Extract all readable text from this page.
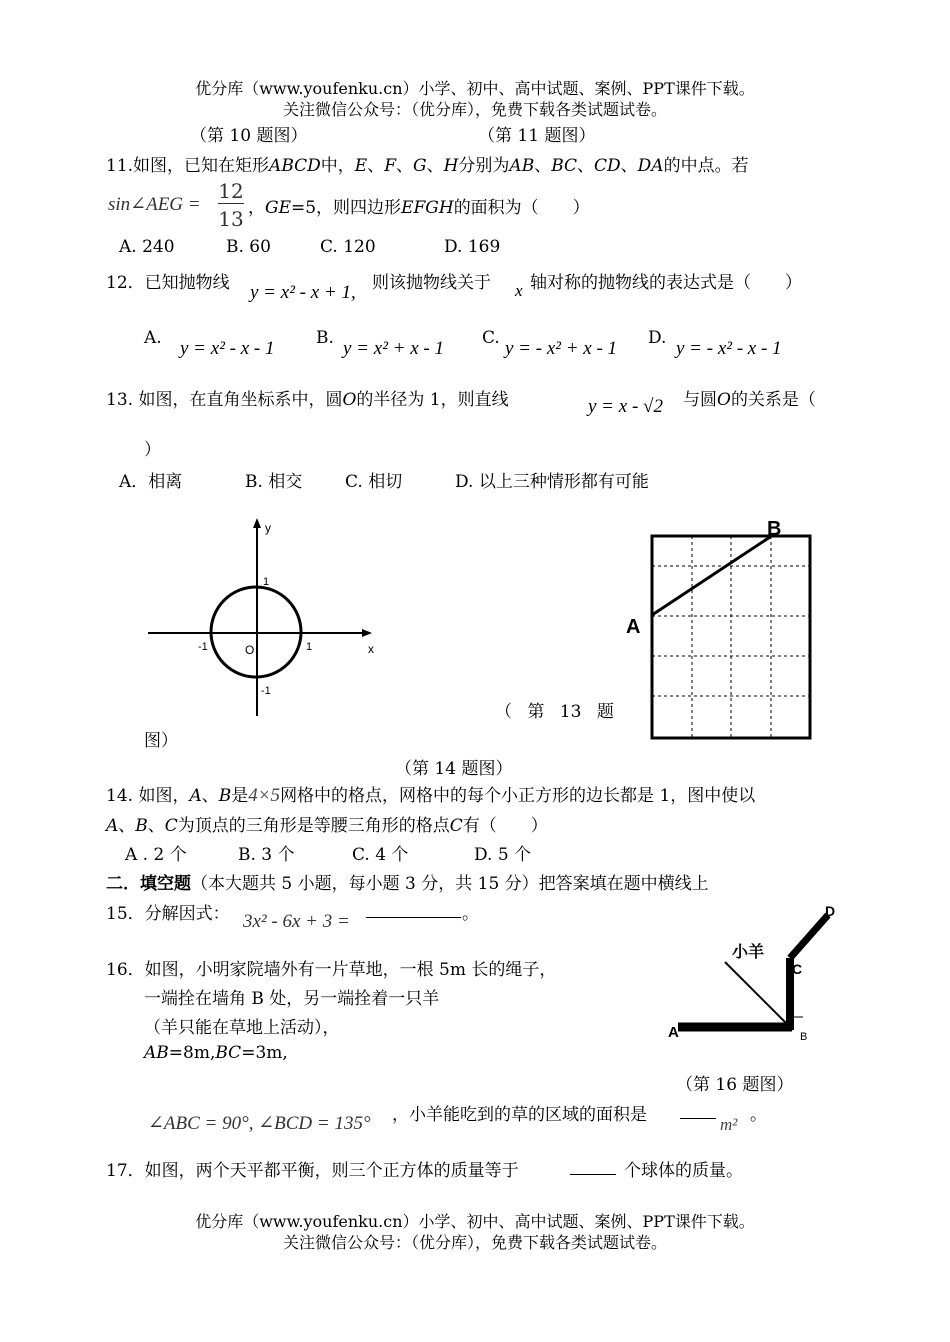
优分库（www.youfenku.cn）小学、初中、高中试题、案例、PPT课件下载。
关注微信公众号：（优分库），免费下载各类试题试卷。
（第 10 题图）	（第 11 题图）
11.如图，已知在矩形ABCD中，E、F、G、H分别为AB、BC、CD、DA的中点。若
sin∠AEG =
12
13 ，GE=5，则四边形EFGH的面积为（　　）
A. 240	B. 60	C. 120	D. 169
12．已知抛物线 y = x² - x + 1, 则该抛物线关于 x 轴对称的抛物线的表达式是（　　）
A. y = x² - x - 1 B. y = x² + x - 1 C. y = - x² + x - 1 D. y = - x² - x - 1
13. 如图，在直角坐标系中，圆O的半径为 1，则直线	y = x - √2 与圆O的关系是（
）
A．相离	B. 相交	C. 相切	D. 以上三种情形都有可能
y
x
O	1
-1
1
-1
（ 第 13 题
图）
A
B
（第 14 题图）
14. 如图，A、B是4×5网格中的格点，网格中的每个小正方形的边长都是 1，图中使以
A、B、C为顶点的三角形是等腰三角形的格点C有（　　）
A . 2 个	B. 3 个	C. 4 个	D. 5 个
二．填空题（本大题共 5 小题，每小题 3 分，共 15 分）把答案填在题中横线上
15．分解因式： 3x² - 6x + 3 =	。
小羊
A	B
C
D
16．如图，小明家院墙外有一片草地，一根 5m 长的绳子，
一端拴在墙角 B 处，另一端拴着一只羊
（羊只能在草地上活动），
AB=8m,BC=3m,
（第 16 题图）
∠ABC = 90°, ∠BCD = 135° ，小羊能吃到的草的区域的面积是	m² 。
17．如图，两个天平都平衡，则三个正方体的质量等于	个球体的质量。
优分库（www.youfenku.cn）小学、初中、高中试题、案例、PPT课件下载。
关注微信公众号：（优分库），免费下载各类试题试卷。
